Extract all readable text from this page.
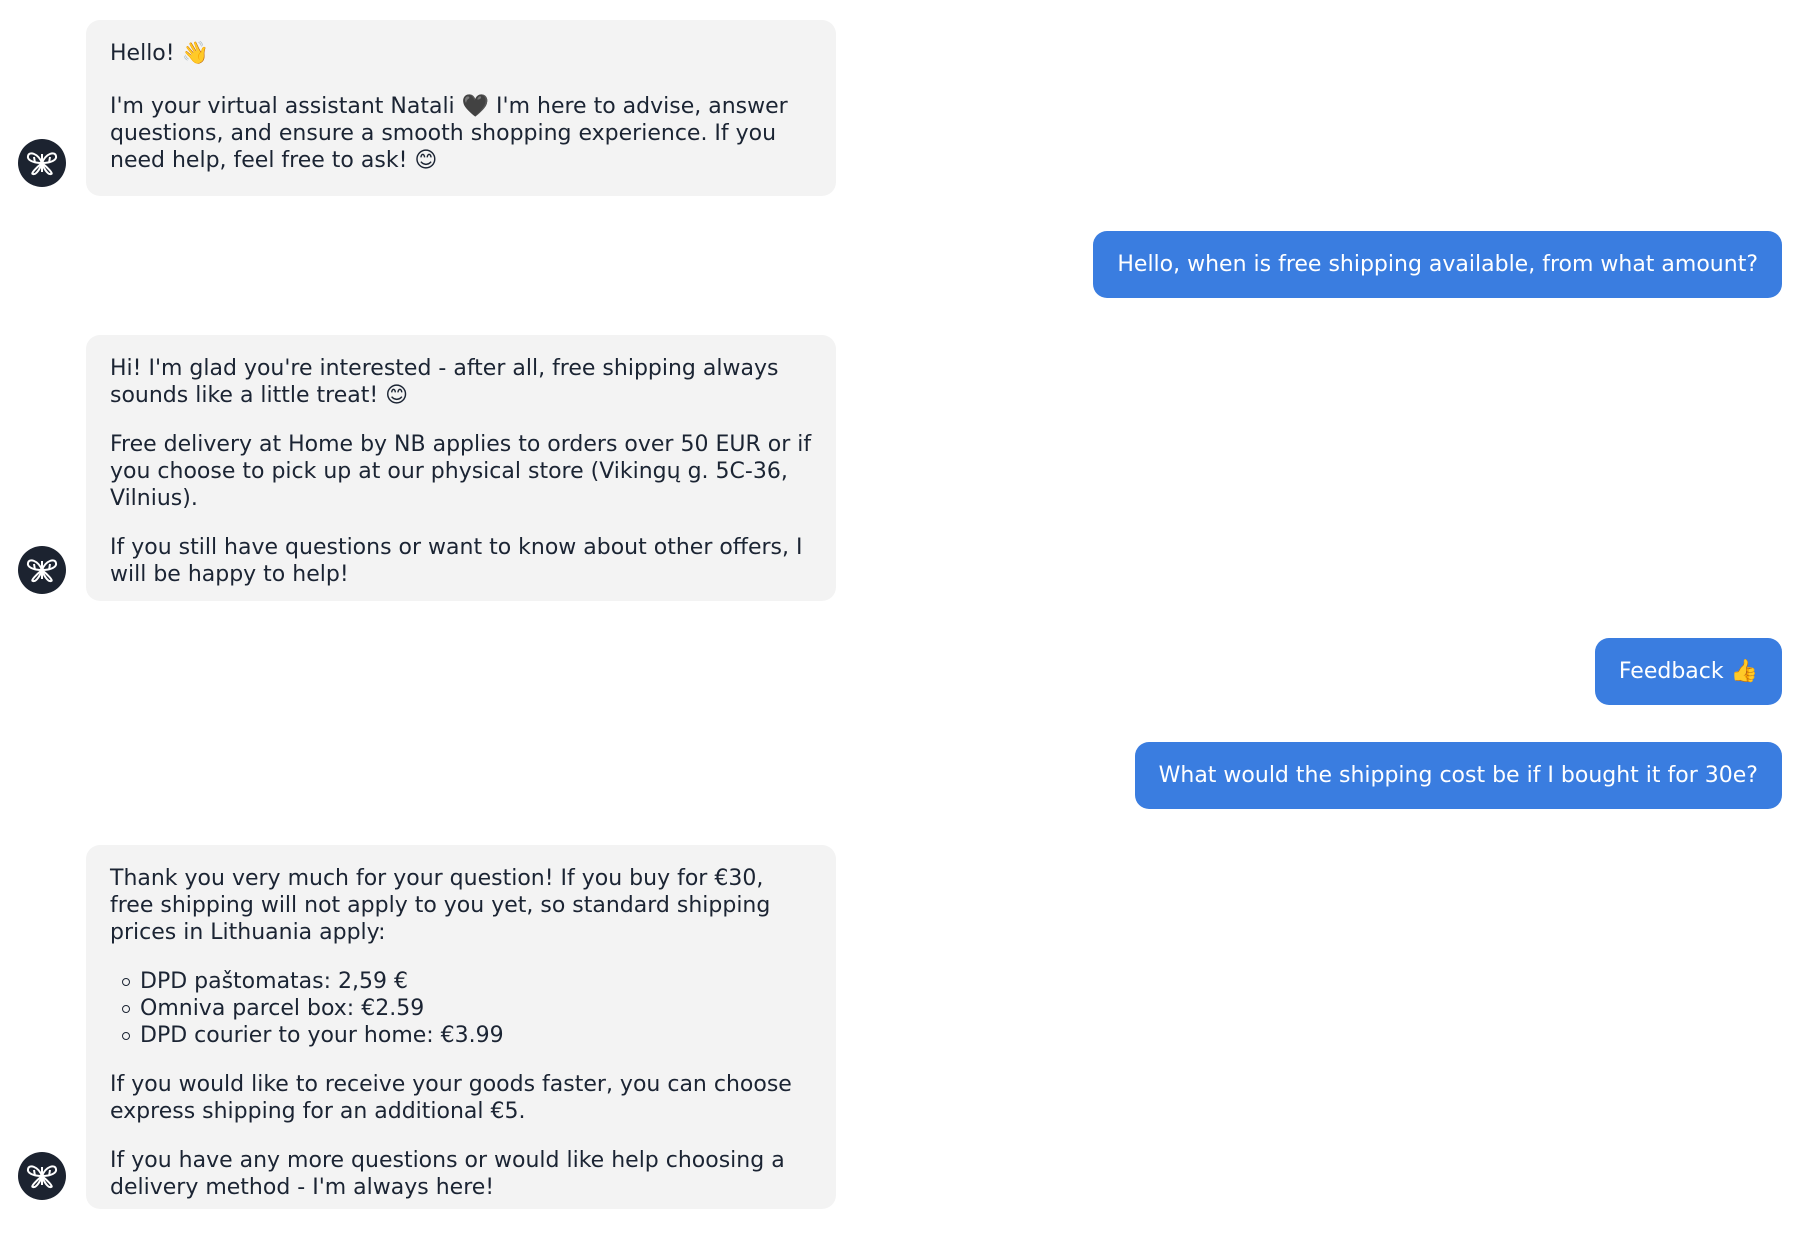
Hello! 👋

I'm your virtual assistant Natali 🖤 I'm here to advise, answer questions, and ensure a smooth shopping experience. If you need help, feel free to ask! 😊

Hello, when is free shipping available, from what amount?

Hi! I'm glad you're interested - after all, free shipping always sounds like a little treat! 😊

Free delivery at Home by NB applies to orders over 50 EUR or if you choose to pick up at our physical store (Vikingų g. 5C-36, Vilnius).

If you still have questions or want to know about other offers, I will be happy to help!

Feedback 👍
What would the shipping cost be if I bought it for 30e?

Thank you very much for your question! If you buy for €30, free shipping will not apply to you yet, so standard shipping prices in Lithuania apply:

DPD paštomatas: 2,59 €
Omniva parcel box: €2.59
DPD courier to your home: €3.99

If you would like to receive your goods faster, you can choose express shipping for an additional €5.

If you have any more questions or would like help choosing a delivery method - I'm always here!
